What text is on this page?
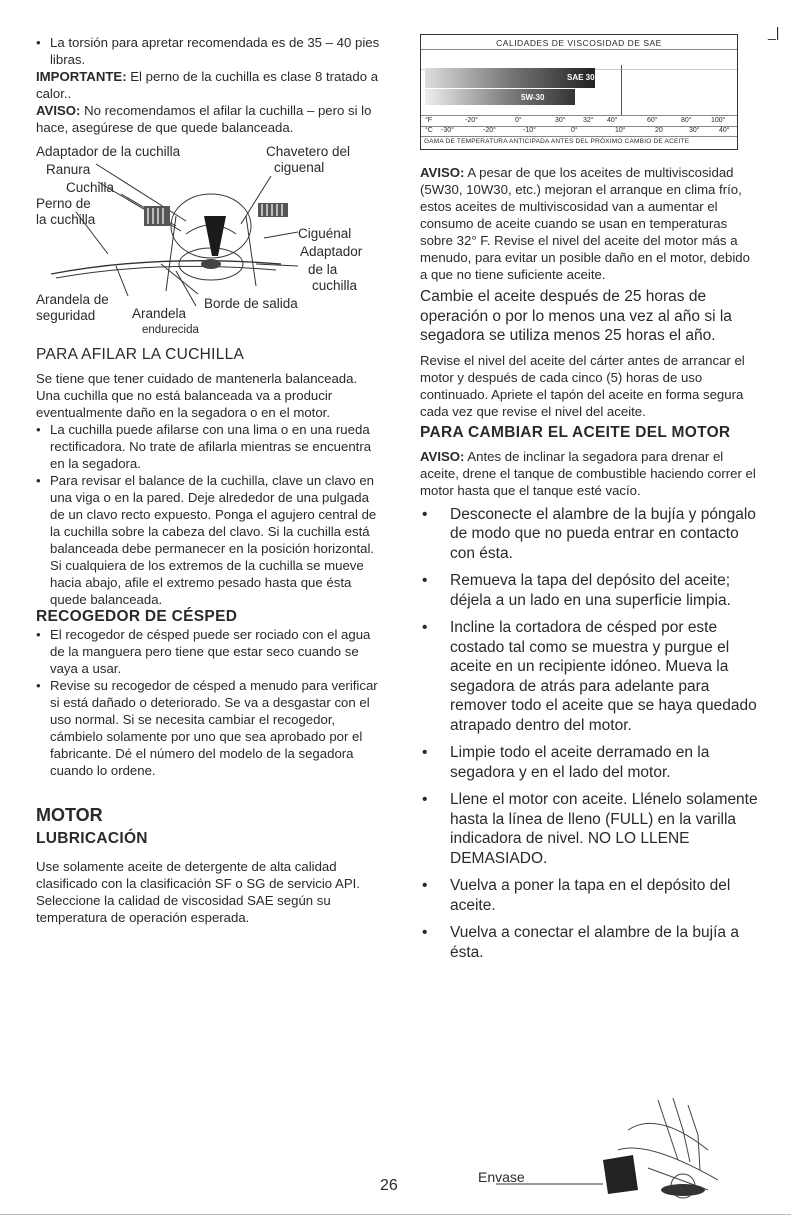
_|
• La torsión para apretar recomendada es de 35 – 40 pies libras.

IMPORTANTE: El perno de la cuchilla es clase 8 tratado a calor..

AVISO: No recomendamos el afilar la cuchilla – pero si lo hace, asegúrese de que quede balanceada.

Adaptador de la cuchilla
Ranura
Cuchilla
Perno de
la cuchilla
Chavetero del
ciguenal
Ciguénal
Adaptador
de la
cuchilla
Arandela de
seguridad	Arandela
endurecida
Borde de salida
PARA AFILAR LA CUCHILLA

Se tiene que tener cuidado de mantenerla balanceada. Una cuchilla que no está balanceada va a producir eventualmente daño en la segadora o en el motor.

• La cuchilla puede afilarse con una lima o en una rueda rectificadora. No trate de afilarla mientras se encuentra en la segadora.
• Para revisar el balance de la cuchilla, clave un clavo en una viga o en la pared. Deje alrededor de una pulgada de un clavo recto expuesto. Ponga el agujero central de la cuchilla sobre la cabeza del clavo. Si la cuchilla está balanceada debe permanecer en la posición horizontal. Si cualquiera de los extremos de la cuchilla se mueve hacia abajo, afile el extremo pesado hasta que ésta quede balanceada.
RECOGEDOR DE CÉSPED
• El recogedor de césped puede ser rociado con el agua de la manguera pero tiene que estar seco cuando se vaya a usar.
• Revise su recogedor de césped a menudo para verificar si está dañado o deteriorado. Se va a desgastar con el uso normal. Si se necesita cambiar el recogedor, cámbielo solamente por uno que sea aprobado por el fabricante. Dé el número del modelo de la segadora cuando lo ordene.
MOTOR
LUBRICACIÓN

Use solamente aceite de detergente de alta calidad clasificado con la clasificación SF o SG de servicio API. Seleccione la calidad de viscosidad SAE según su temperatura de operación esperada.

CALIDADES DE VISCOSIDAD DE SAE
SAE 30
5W-30
°F	-20°	0°	30° 32° 40°	60°	80°	100°
°C -30°	-20°	-10°	0°	10°	20	30°	40°
GAMA DE TEMPERATURA ANTICIPADA ANTES DEL PRÓXIMO CAMBIO DE ACEITE

AVISO: A pesar de que los aceites de multiviscosidad (5W30, 10W30, etc.) mejoran el arranque en clima frío, estos aceites de multiviscosidad van a aumentar el consumo de aceite cuando se usan en temperaturas sobre 32° F. Revise el nivel del aceite del motor más a menudo, para evitar un posible daño en el motor, debido a que no tiene suficiente aceite.

Cambie el aceite después de 25 horas de operación o por lo menos una vez al año si la segadora se utiliza menos 25 horas el año.

Revise el nivel del aceite del cárter antes de arrancar el motor y después de cada cinco (5) horas de uso continuado. Apriete el tapón del aceite en forma segura cada vez que revise el nivel del aceite.

PARA CAMBIAR EL ACEITE DEL MOTOR

AVISO: Antes de inclinar la segadora para drenar el aceite, drene el tanque de combustible haciendo correr el motor hasta que el tanque esté vacío.

• Desconecte el alambre de la bujía y póngalo de modo que no pueda entrar en contacto con ésta.
• Remueva la tapa del depósito del aceite; déjela a un lado en una superficie limpia.
• Incline la cortadora de césped por este costado tal como se muestra y purgue el aceite en un recipiente idóneo. Mueva la segadora de atrás para adelante para remover todo el aceite que se haya quedado atrapado dentro del motor.
• Limpie todo el aceite derramado en la segadora y en el lado del motor.
• Llene el motor con aceite. Llénelo solamente hasta la línea de lleno (FULL) en la varilla indicadora de nivel. NO LO LLENE DEMASIADO.
• Vuelva a poner la tapa en el depósito del aceite.
• Vuelva a conectar el alambre de la bujía a ésta.
Envase
26
